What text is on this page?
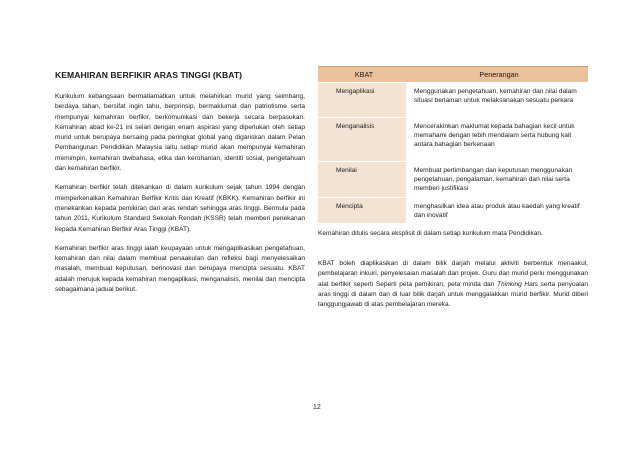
KEMAHIRAN BERFIKIR ARAS TINGGI (KBAT)

Kurikulum kebangsaan bermatlamatkan untuk melahirkan murid yang seimbang, berdaya tahan, bersifat ingin tahu, berprinsip, bermaklumat dan patriotisme serta mempunyai kemahiran berfikir, berkomunikasi dan bekerja secara berpasukan. Kemahiran abad ke-21 ini selari dengan enam aspirasi yang diperlukan oleh setiap murid untuk berupaya bersaing pada peringkat global yang digariskan dalam Pelan Pembangunan Pendidikan Malaysia iaitu setiap murid akan mempunyai kemahiran memimpin, kemahiran dwibahasa, etika dan kerohanian, identiti sosial, pengetahuan dan kemahiran berfikir.

Kemahiran berfikir telah ditekankan di dalam kurikulum sejak tahun 1994 dengan memperkenalkan Kemahiran Berfikir Kritis dan Kreatif (KBKK). Kemahiran berfikir ini menekankan kepada pemikiran dari aras rendah sehingga aras tinggi. Bermula pada tahun 2011, Kurikulum Standard Sekolah Rendah (KSSR) telah memberi penekanan kepada Kemahiran Berfikir Aras Tinggi (KBAT).

Kemahiran berfikir aras tinggi ialah keupayaan untuk mengaplikasikan pengetahuan, kemahiran dan nilai dalam membuat penaakulan dan refleksi bagi menyelesaikan masalah, membuat keputusan, berinovasi dan berupaya mencipta sesuatu. KBAT adalah merujuk kepada kemahiran mengaplikasi, menganalisis, menilai dan mencipta sebagaimana jadual berikut.

KBAT	Penerangan
Mengaplikasi	Menggunakan pengetahuan, kemahiran dan nilai dalam situasi berlainan untuk melaksanakan sesuatu perkara
Menganalisis	Mencerakinkan maklumat kepada bahagian kecil untuk memahami dengan lebih mendalam serta hubung kait antara bahagian berkenaan
Menilai	Membuat pertimbangan dan keputusan menggunakan pengetahuan, pengalaman, kemahiran dan nilai serta memberi justifikasi
Mencipta	menghasilkan idea atau produk atau kaedah yang kreatif dan inovatif

Kemahiran ditulis secara eksplisit di dalam setiap kurikulum mata Pendidikan.

KBAT boleh diaplikasikan di dalam bilik darjah melalui aktiviti berbentuk menaakul, pembelajaran inkuiri, penyelesaian masalah dan projek. Guru dan murid perlu menggunakan alat berfikir seperti Seperti peta pemikiran, peta minda dan Thinking Hats serta penyoalan aras tinggi di dalam dan di luar bilik darjah untuk menggalakkan murid berfikir. Murid diberi tanggungjawab di atas pembelajaran mereka.

12
